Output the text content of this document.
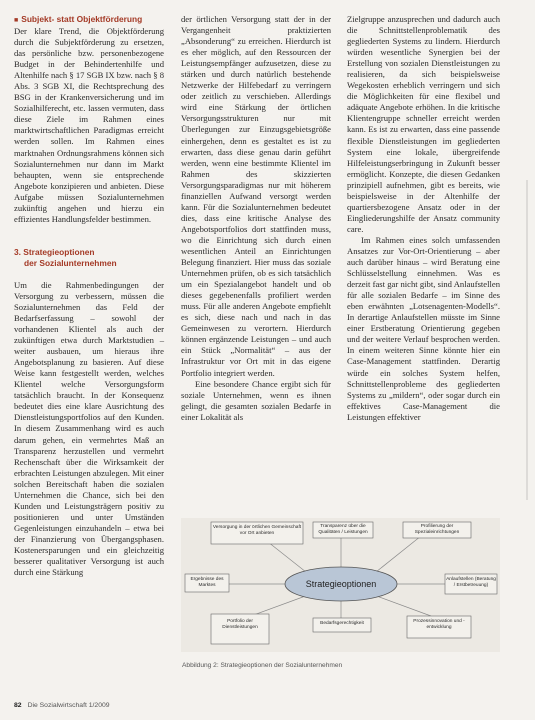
■ Subjekt- statt Objektförderung

Der klare Trend, die Objektförderung durch die Subjektförderung zu ersetzen, das persönliche bzw. personenbezogene Budget in der Behindertenhilfe und Altenhilfe nach § 17 SGB IX bzw. nach § 8 Abs. 3 SGB XI, die Rechtsprechung des BSG in der Krankenversicherung und im Sozialhilferecht, etc. lassen vermuten, dass diese Ziele im Rahmen eines marktwirtschaftlichen Paradigmas erreicht werden sollen. Im Rahmen eines marktnahen Ordnungsrahmens können sich Sozialunternehmen nur dann im Markt behaupten, wenn sie entsprechende Angebote konzipieren und anbieten. Diese Aufgabe müssen Sozialunternehmen zukünftig angehen und hierzu ein effizientes Handlungsfelder bestimmen.

3. Strategieoptionen

der Sozialunternehmen

Um die Rahmenbedingungen der Versorgung zu verbessern, müssen die Sozialunternehmen das Feld der Bedarfserfassung – sowohl der vorhandenen Klientel als auch der zukünftigen etwa durch Marktstudien – weiter ausbauen, um hieraus ihre Angebotsplanung zu basieren. Auf diese Weise kann festgestellt werden, welches Klientel welche Versorgungsform tatsächlich braucht. In der Konsequenz bedeutet dies eine klare Ausrichtung des Dienstleistungsportfolios auf den Kunden. In diesem Zusammenhang wird es auch darum gehen, ein vermehrtes Maß an Transparenz herzustellen und vermehrt Rechenschaft über die Wirksamkeit der erbrachten Leistungen abzulegen. Mit einer solchen Bereitschaft haben die sozialen Unternehmen die Chance, sich bei den Kunden und Leistungsträgern positiv zu positionieren und unter Umständen Gegenleistungen einzuhandeln – etwa bei der Finanzierung von Übergangsphasen. Kostenersparungen und ein gleichzeitig besserer qualitativer Versorgung ist auch durch eine Stärkung

der örtlichen Versorgung statt der in der Vergangenheit praktizierten „Absonderung“ zu erreichen. Hierdurch ist es eher möglich, auf den Ressourcen der Leistungsempfänger aufzusetzen, diese zu stärken und durch natürlich bestehende Netzwerke der Hilfebedarf zu verringern oder zeitlich zu verschieben. Allerdings wird eine Stärkung der örtlichen Versorgungsstrukturen nur mit Überlegungen zur Einzugsgebietsgröße einhergehen, denn es gestaltet es ist zu erwarten, dass diese genau darin geführt werden, wenn eine bestimmte Klientel im Rahmen des skizzierten Versorgungsparadigmas nur mit höherem finanziellen Aufwand versorgt werden kann. Für die Sozialunternehmen bedeutet dies, dass eine kritische Analyse des Angebotsportfolios dort stattfinden muss, wo die Einrichtung sich durch einen wesentlichen Anteil an Einrichtungen Belegung finanziert. Hier muss das soziale Unternehmen prüfen, ob es sich tatsächlich um ein Spezialangebot handelt und ob dieses gegebenenfalls profiliert werden muss. Für alle anderen Angebote empfiehlt es sich, diese nach und nach in das Gemeinwesen zu verortern. Hierdurch können ergänzende Leistungen – und auch ein Stück „Normalität“ – aus der Infrastruktur vor Ort mit in das eigene Portfolio integriert werden.

Eine besondere Chance ergibt sich für soziale Unternehmen, wenn es ihnen gelingt, die gesamten sozialen Bedarfe in einer Lokalität als

Zielgruppe anzusprechen und dadurch auch die Schnittstellenproblematik des gegliederten Systems zu lindern. Hierdurch würden wesentliche Synergien bei der Erstellung von sozialen Dienstleistungen zu realisieren, da sich beispielsweise Wegekosten erheblich verringern und sich die Möglichkeiten für eine flexibel und adäquate Angebote erhöhen. In die kritische Klientengruppe schneller erreicht werden kann. Es ist zu erwarten, dass eine passende flexible Dienstleistungen im gegliederten System eine lokale, übergreifende Hilfeleistungserbringung in Zukunft besser ermöglicht. Konzepte, die diesen Gedanken prinzipiell aufnehmen, gibt es bereits, wie beispielsweise in der Altenhilfe der quartiersbezogene Ansatz oder in der Eingliederungshilfe der Ansatz community care.

Im Rahmen eines solch umfassenden Ansatzes zur Vor-Ort-Orientierung – aber auch darüber hinaus – wird Beratung eine Schlüsselstellung einnehmen. Was es derzeit fast gar nicht gibt, sind Anlaufstellen für alle sozialen Bedarfe – im Sinne des eben erwähnten „Lotsenagenten-Modells“. In derartige Anlaufstellen müsste im Sinne einer Erstberatung Orientierung gegeben und der weitere Verlauf besprochen werden. In einem weiteren Sinne könnte hier ein Case-Management stattfinden. Derartig würde ein solches System helfen, Schnittstellenprobleme des gegliederten Systems zu „mildern“, oder sogar durch ein effektives Case-Management die Leistungen effektiver

Strategieoptionen
Versorgung in der örtlichen Gemeinschaft vor Ort anbieten
Transparenz über die Qualitäten / Leistungen
Profilierung der Spezialeinrichtungen
Ergebnisse des Marktes
Anlaufstellen (Beratung / Erstbetreuung)
Portfolio der Dienstleistungen
Bedarfsgerechtigkeit	Prozessinnovation und -entwicklung
Abbildung 2: Strategieoptionen der Sozialunternehmen
82 Die Sozialwirtschaft 1/2009
